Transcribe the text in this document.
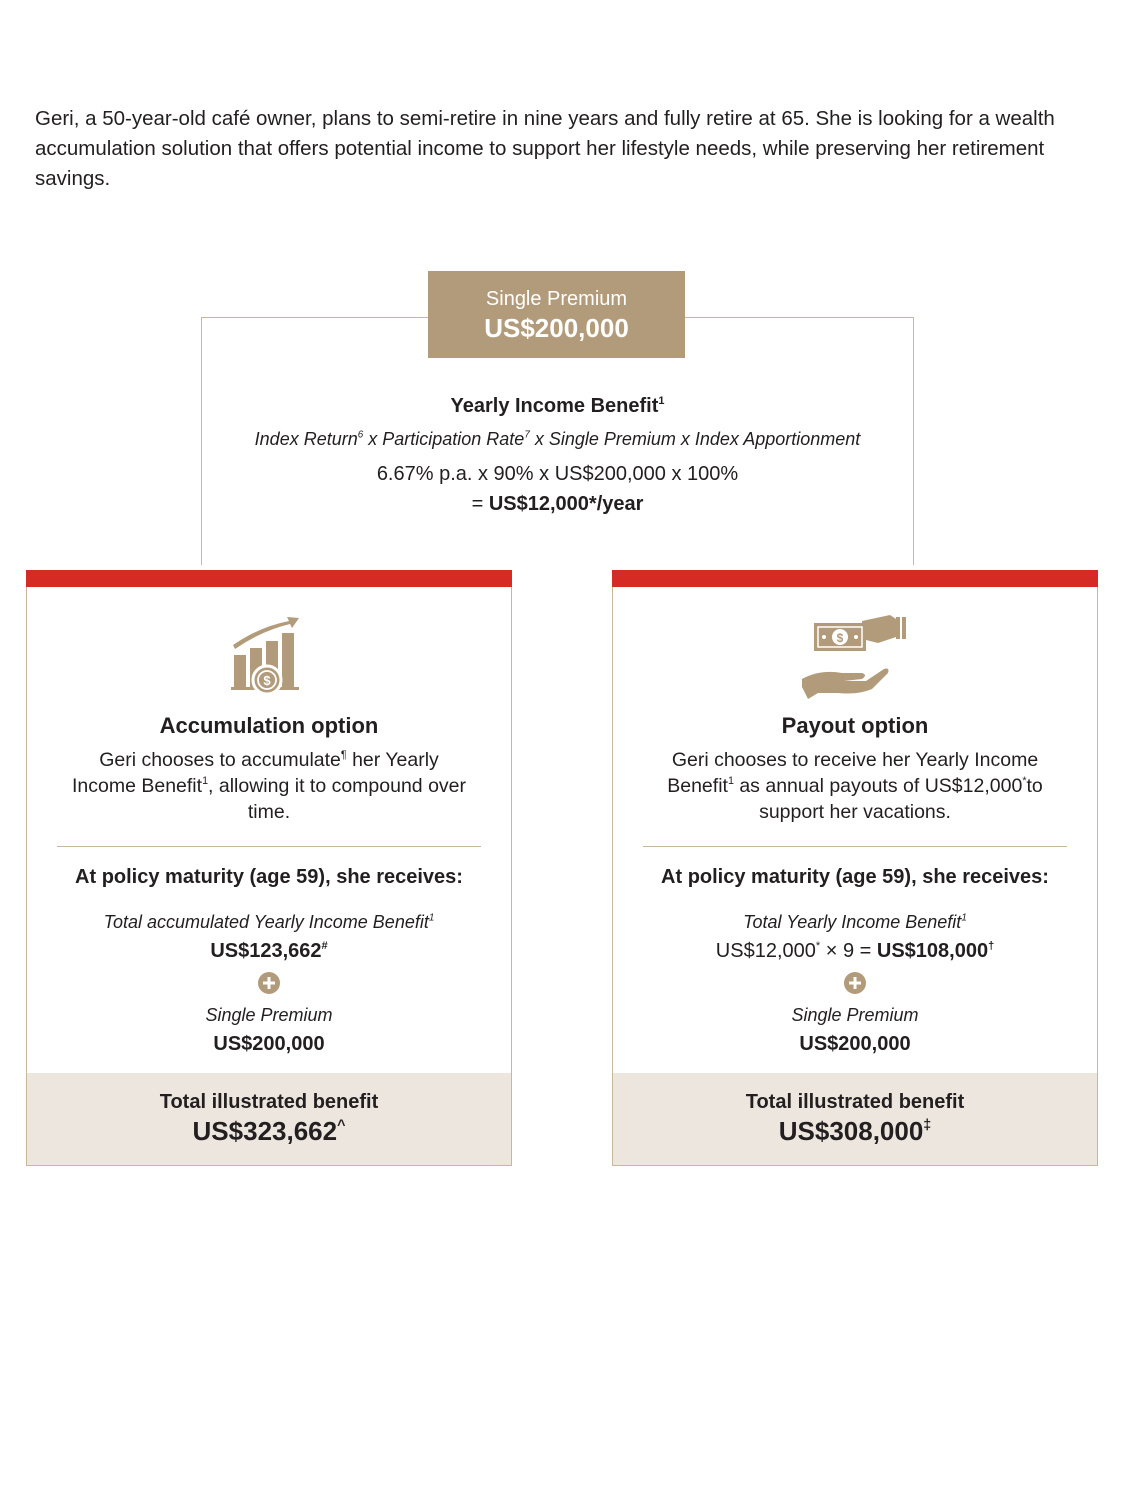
Geri, a 50-year-old café owner, plans to semi-retire in nine years and fully retire at 65. She is looking for a wealth accumulation solution that offers potential income to support her lifestyle needs, while preserving her retirement savings.

Single Premium
US$200,000
Yearly Income Benefit$^1$
Index Return$^6$ x Participation Rate$^7$ x Single Premium x Index Apportionment
6.67% p.a. x 90% x US$200,000 x 100%
= US$12,000*/year
$
Accumulation option

Geri chooses to accumulate¶ her Yearly Income Benefit$^1$, allowing it to compound over time.

At policy maturity (age 59), she receives:
Total accumulated Yearly Income Benefit$^1$
US$123,662#
Single Premium
US$200,000
Total illustrated benefit
US$323,662^
$
Payout option

Geri chooses to receive her Yearly Income Benefit$^1$ as annual payouts of US$12,000*to support her vacations.

At policy maturity (age 59), she receives:
Total Yearly Income Benefit$^1$
US$12,000* × 9 = US$108,000†
Single Premium
US$200,000
Total illustrated benefit
US$308,000‡
